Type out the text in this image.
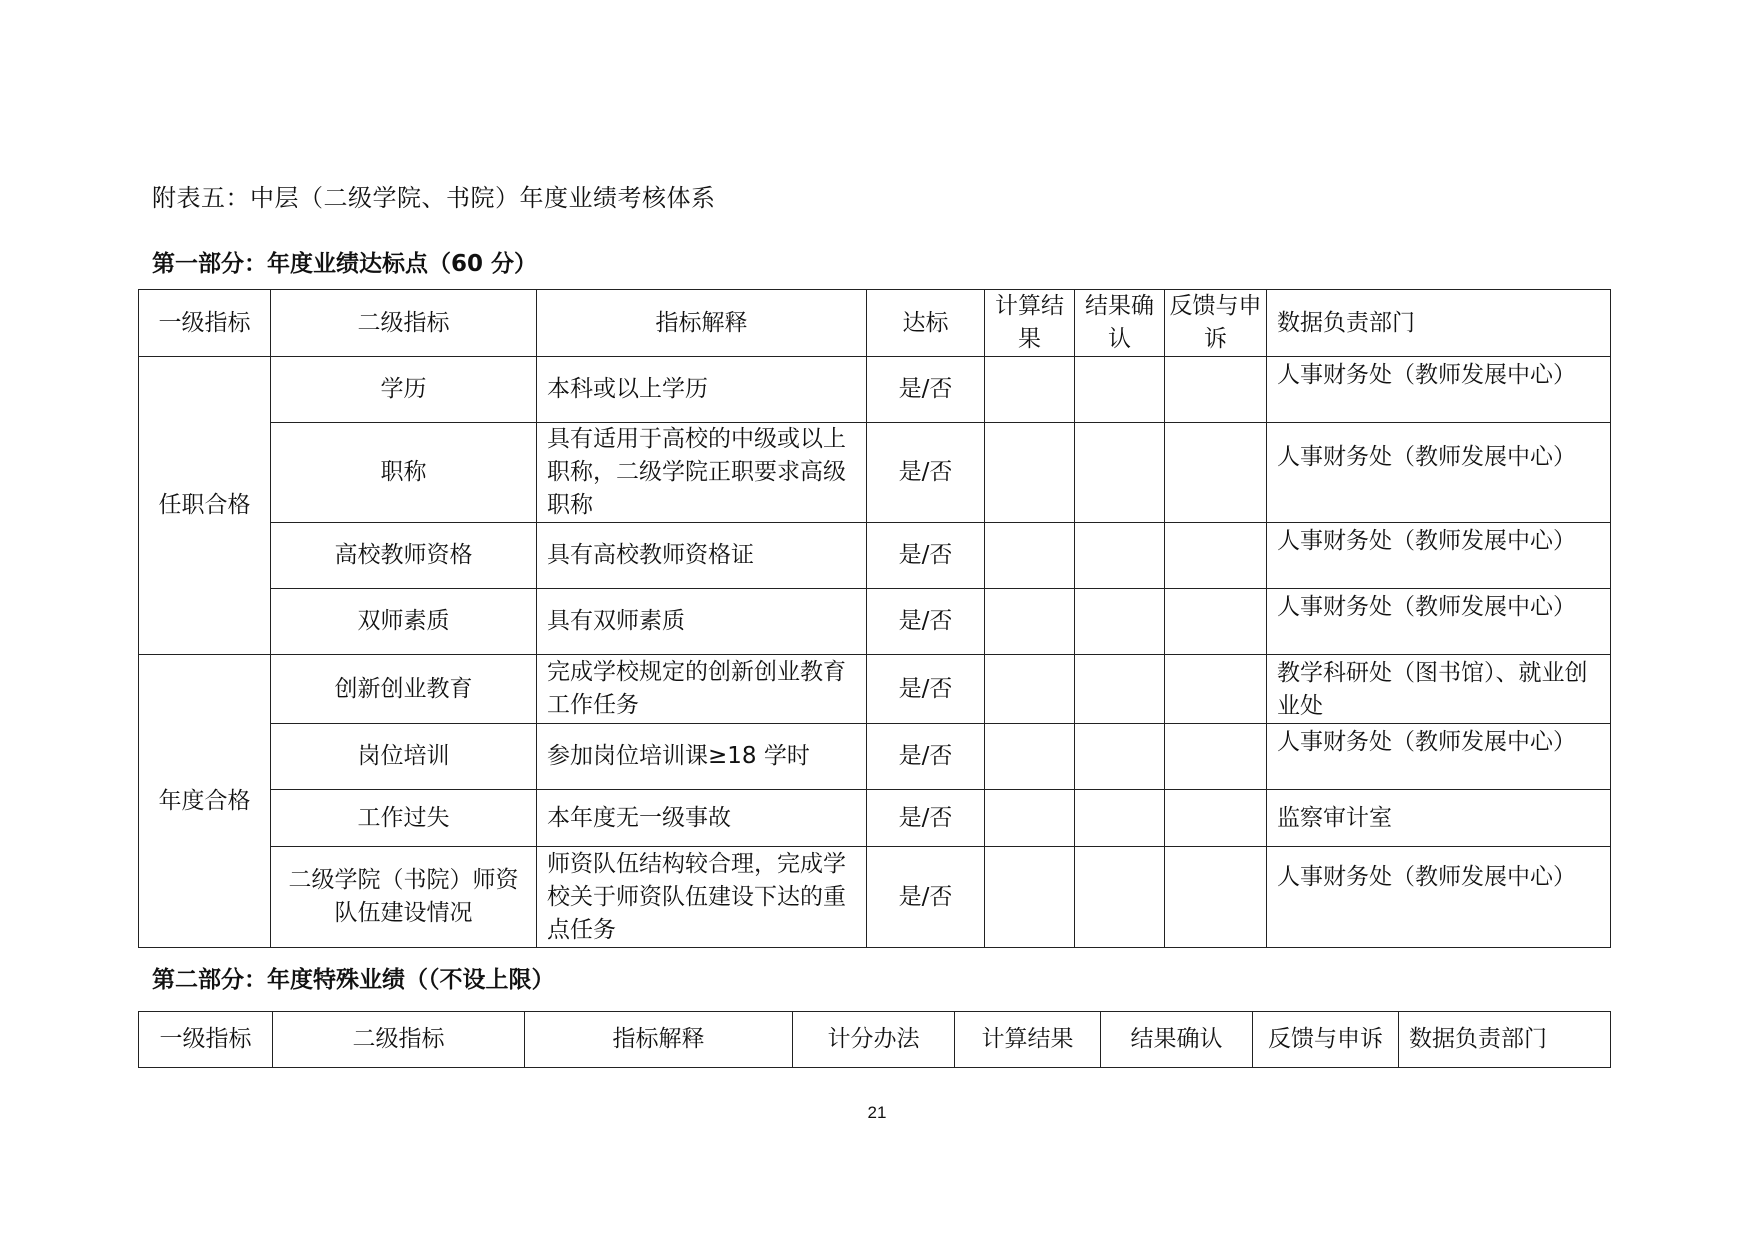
附表五：中层（二级学院、书院）年度业绩考核体系
第一部分：年度业绩达标点（60 分）
一级指标	二级指标	指标解释	达标	计算结果	结果确认	反馈与申诉	数据负责部门
任职合格	学历	本科或以上学历	是/否				人事财务处（教师发展中心）
	职称	具有适用于高校的中级或以上职称，二级学院正职要求高级职称	是/否				人事财务处（教师发展中心）
	高校教师资格	具有高校教师资格证	是/否				人事财务处（教师发展中心）
	双师素质	具有双师素质	是/否				人事财务处（教师发展中心）
年度合格	创新创业教育	完成学校规定的创新创业教育工作任务	是/否				教学科研处（图书馆）、就业创业处
	岗位培训	参加岗位培训课≥18 学时	是/否				人事财务处（教师发展中心）
	工作过失	本年度无一级事故	是/否				监察审计室
	二级学院（书院）师资队伍建设情况	师资队伍结构较合理，完成学校关于师资队伍建设下达的重点任务	是/否				人事财务处（教师发展中心）
第二部分：年度特殊业绩（（不设上限）
一级指标	二级指标	指标解释	计分办法	计算结果	结果确认	反馈与申诉	数据负责部门
21
